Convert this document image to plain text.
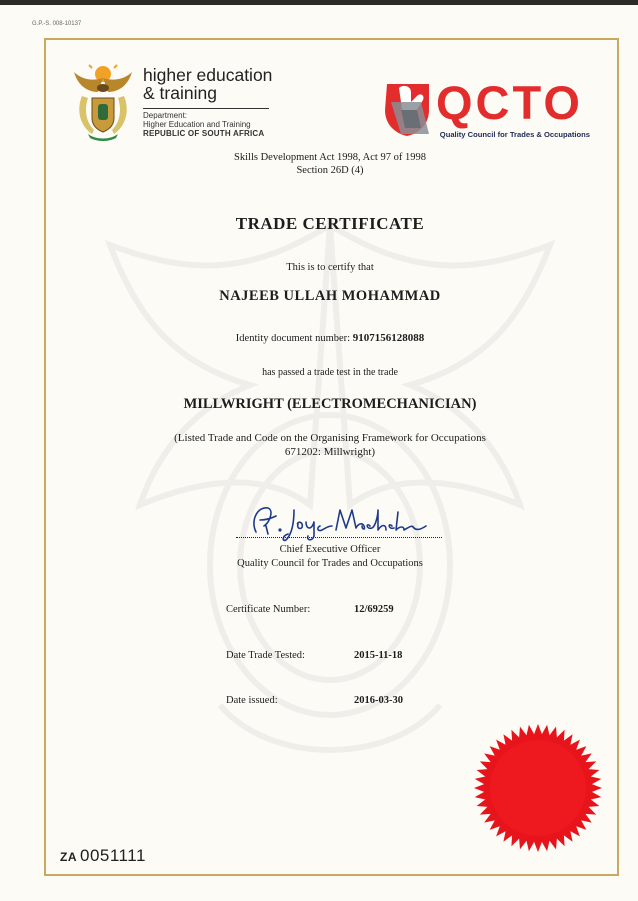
G.P.-S. 008-10137
higher education
& training
Department:
Higher Education and Training
REPUBLIC OF SOUTH AFRICA
QCTO
Quality Council for Trades & Occupations
Skills Development Act 1998, Act 97 of 1998
Section 26D (4)
TRADE CERTIFICATE
This is to certify that
NAJEEB ULLAH MOHAMMAD
Identity document number: 9107156128088
has passed a trade test in the trade
MILLWRIGHT (ELECTROMECHANICIAN)
(Listed Trade and Code on the Organising Framework for Occupations
671202: Millwright)
Chief Executive Officer
Quality Council for Trades and Occupations
Certificate Number:	12/69259
Date Trade Tested:	2015-11-18
Date issued:	2016-03-30
ZA 0051111
